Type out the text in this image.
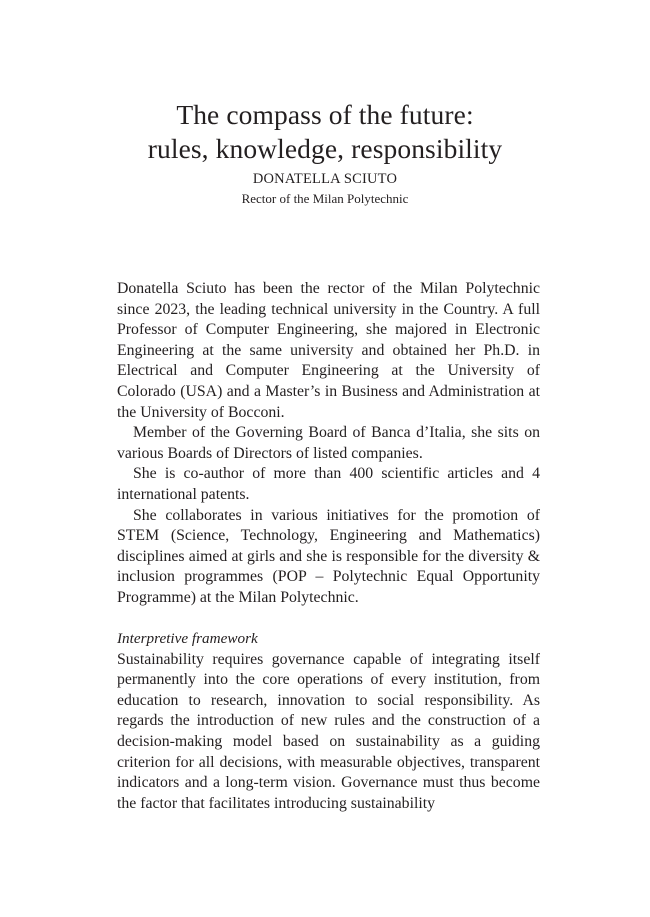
The compass of the future:
rules, knowledge, responsibility
DONATELLA SCIUTO
Rector of the Milan Polytechnic

Donatella Sciuto has been the rector of the Milan Polytechnic since 2023, the leading technical university in the Country. A full Professor of Computer Engineering, she majored in Electronic Engineering at the same university and obtained her Ph.D. in Electrical and Computer Engineering at the University of Colorado (USA) and a Master’s in Business and Administration at the University of Bocconi.

Member of the Governing Board of Banca d’Italia, she sits on various Boards of Directors of listed companies.

She is co-author of more than 400 scientific articles and 4 international patents.

She collaborates in various initiatives for the promotion of STEM (Science, Technology, Engineering and Mathematics) disciplines aimed at girls and she is responsible for the diversity & inclusion programmes (POP – Polytechnic Equal Opportunity Programme) at the Milan Polytechnic.

Interpretive framework

Sustainability requires governance capable of integrating itself permanently into the core operations of every institution, from education to research, innovation to social responsibility. As regards the introduction of new rules and the construction of a decision-making model based on sustainability as a guiding criterion for all decisions, with measurable objectives, transparent indicators and a long-term vision. Governance must thus become the factor that facilitates introducing sustainability
